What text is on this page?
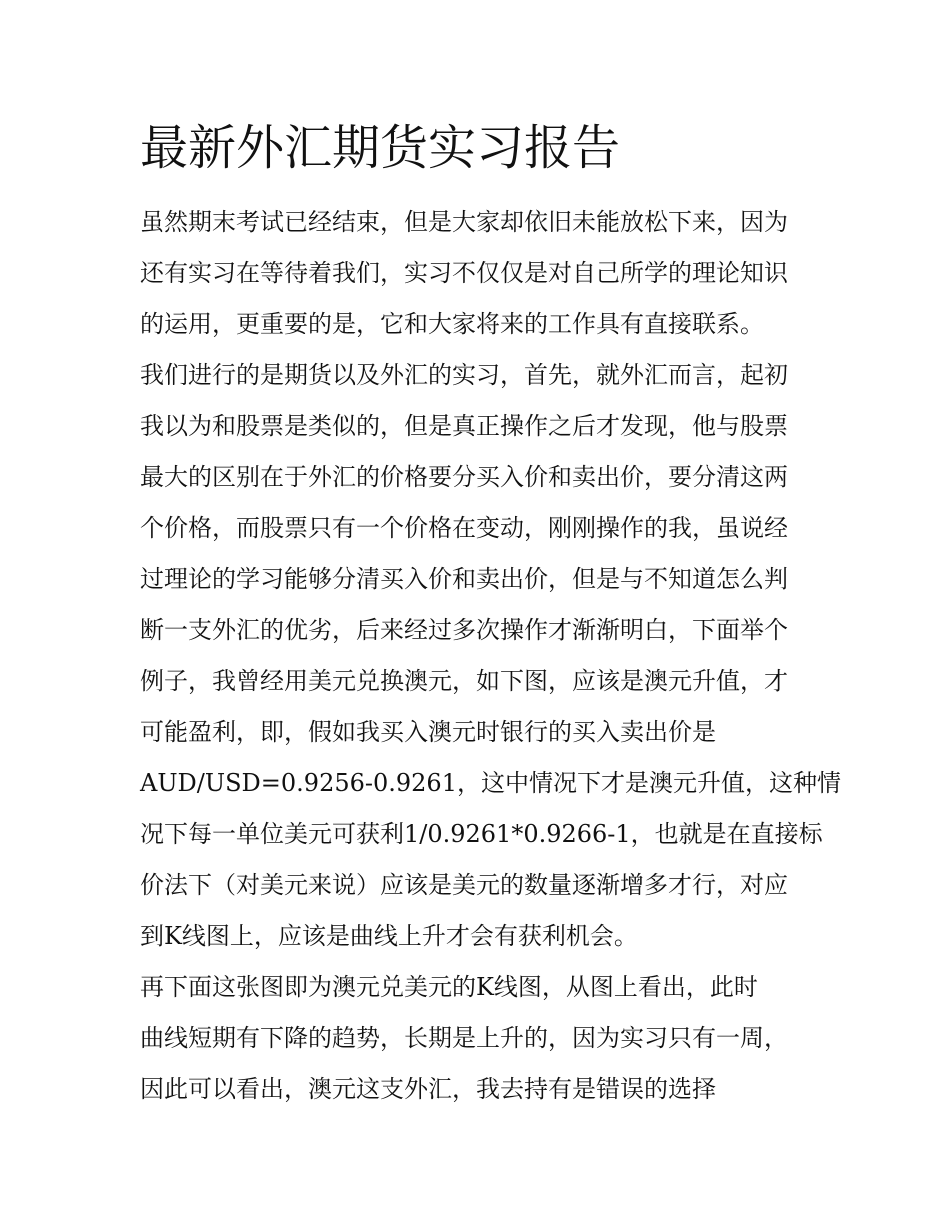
最新外汇期货实习报告

虽然期末考试已经结束，但是大家却依旧未能放松下来，因为

还有实习在等待着我们，实习不仅仅是对自己所学的理论知识

的运用，更重要的是，它和大家将来的工作具有直接联系。

我们进行的是期货以及外汇的实习，首先，就外汇而言，起初

我以为和股票是类似的，但是真正操作之后才发现，他与股票

最大的区别在于外汇的价格要分买入价和卖出价，要分清这两

个价格，而股票只有一个价格在变动，刚刚操作的我，虽说经

过理论的学习能够分清买入价和卖出价，但是与不知道怎么判

断一支外汇的优劣，后来经过多次操作才渐渐明白，下面举个

例子，我曾经用美元兑换澳元，如下图，应该是澳元升值，才

可能盈利，即，假如我买入澳元时银行的买入卖出价是

AUD/USD=0.9256-0.9261，这中情况下才是澳元升值，这种情

况下每一单位美元可获利1/0.9261*0.9266-1，也就是在直接标

价法下（对美元来说）应该是美元的数量逐渐增多才行，对应

到K线图上，应该是曲线上升才会有获利机会。

再下面这张图即为澳元兑美元的K线图，从图上看出，此时

曲线短期有下降的趋势，长期是上升的，因为实习只有一周，

因此可以看出，澳元这支外汇，我去持有是错误的选择
